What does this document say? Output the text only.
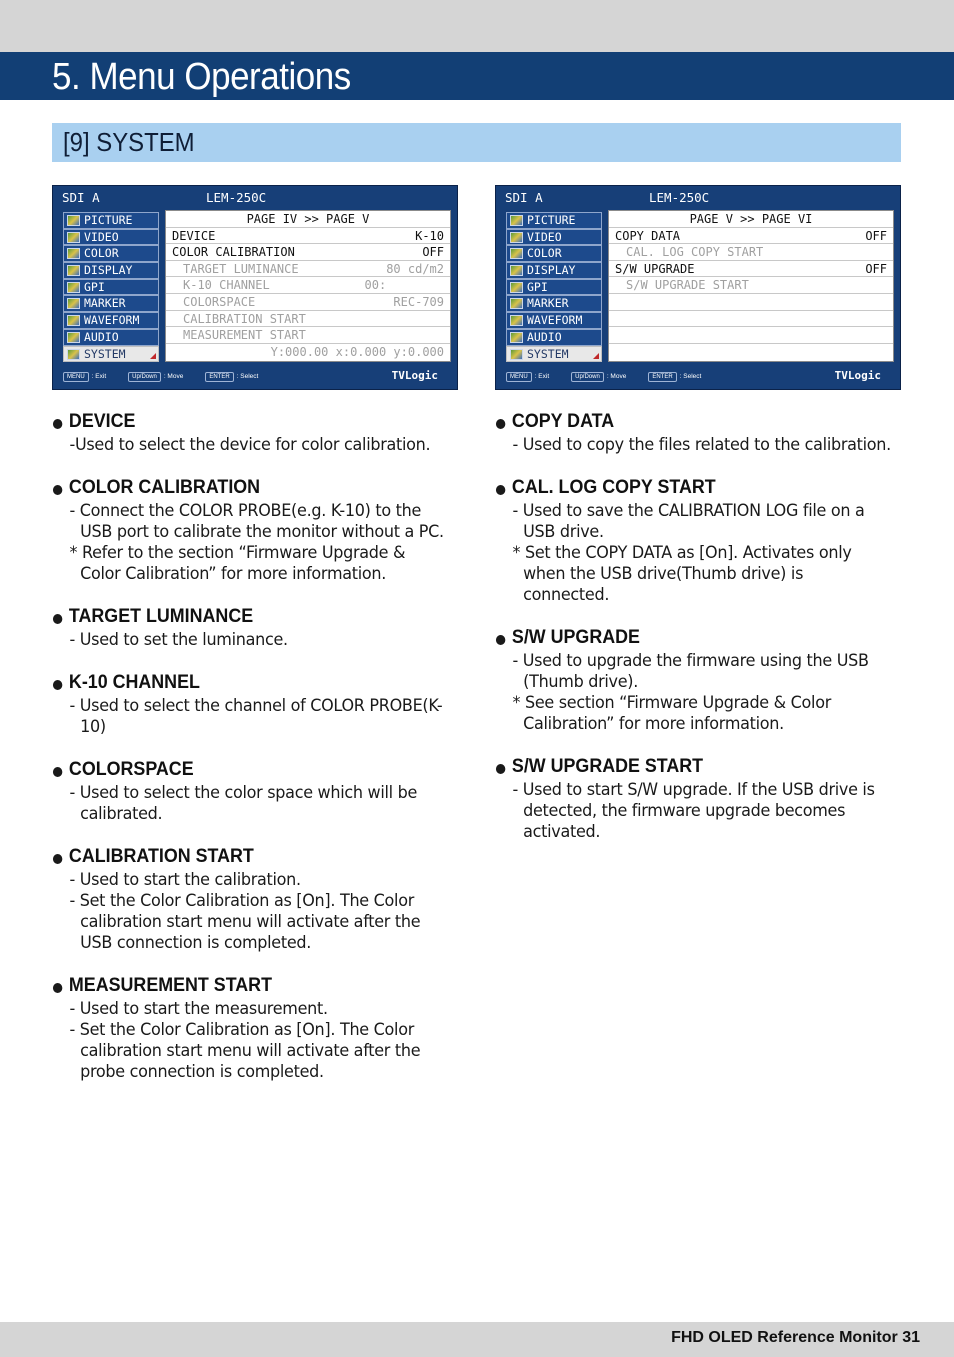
5. Menu Operations
[9] SYSTEM
SDI A	LEM-250C
PICTURE
VIDEO
COLOR
DISPLAY
GPI
MARKER
WAVEFORM
AUDIO
SYSTEM
PAGE IV >> PAGE V
DEVICE	K-10
COLOR CALIBRATION	OFF
TARGET LUMINANCE	80 cd/m2
K-10 CHANNEL	00:
COLORSPACE	REC-709
CALIBRATION START
MEASUREMENT START
Y:000.00 x:0.000 y:0.000
MENU : Exit	Up/Down : Move	ENTER : Select	TVLogic
SDI A	LEM-250C
PICTURE
VIDEO
COLOR
DISPLAY
GPI
MARKER
WAVEFORM
AUDIO
SYSTEM
PAGE V >> PAGE VI
COPY DATA	OFF
CAL. LOG COPY START
S/W UPGRADE	OFF
S/W UPGRADE START
MENU : Exit	Up/Down : Move	ENTER : Select	TVLogic
DEVICE
-Used to select the device for color calibration.
COLOR CALIBRATION
- Connect the COLOR PROBE(e.g. K-10) to the USB port to calibrate the monitor without a PC.
* Refer to the section “Firmware Upgrade & Color Calibration” for more information.
TARGET LUMINANCE
- Used to set the luminance.
K-10 CHANNEL
- Used to select the channel of COLOR PROBE(K-10)
COLORSPACE
- Used to select the color space which will be calibrated.
CALIBRATION START
- Used to start the calibration.
- Set the Color Calibration as [On]. The Color calibration start menu will activate after the USB connection is completed.
MEASUREMENT START
- Used to start the measurement.
- Set the Color Calibration as [On]. The Color calibration start menu will activate after the probe connection is completed.
COPY DATA
- Used to copy the files related to the calibration.
CAL. LOG COPY START
- Used to save the CALIBRATION LOG file on a USB drive.
* Set the COPY DATA as [On]. Activates only when the USB drive(Thumb drive) is connected.
S/W UPGRADE
- Used to upgrade the firmware using the USB (Thumb drive).
* See section “Firmware Upgrade & Color Calibration” for more information.
S/W UPGRADE START
- Used to start S/W upgrade. If the USB drive is detected, the firmware upgrade becomes activated.
FHD OLED Reference Monitor 31
